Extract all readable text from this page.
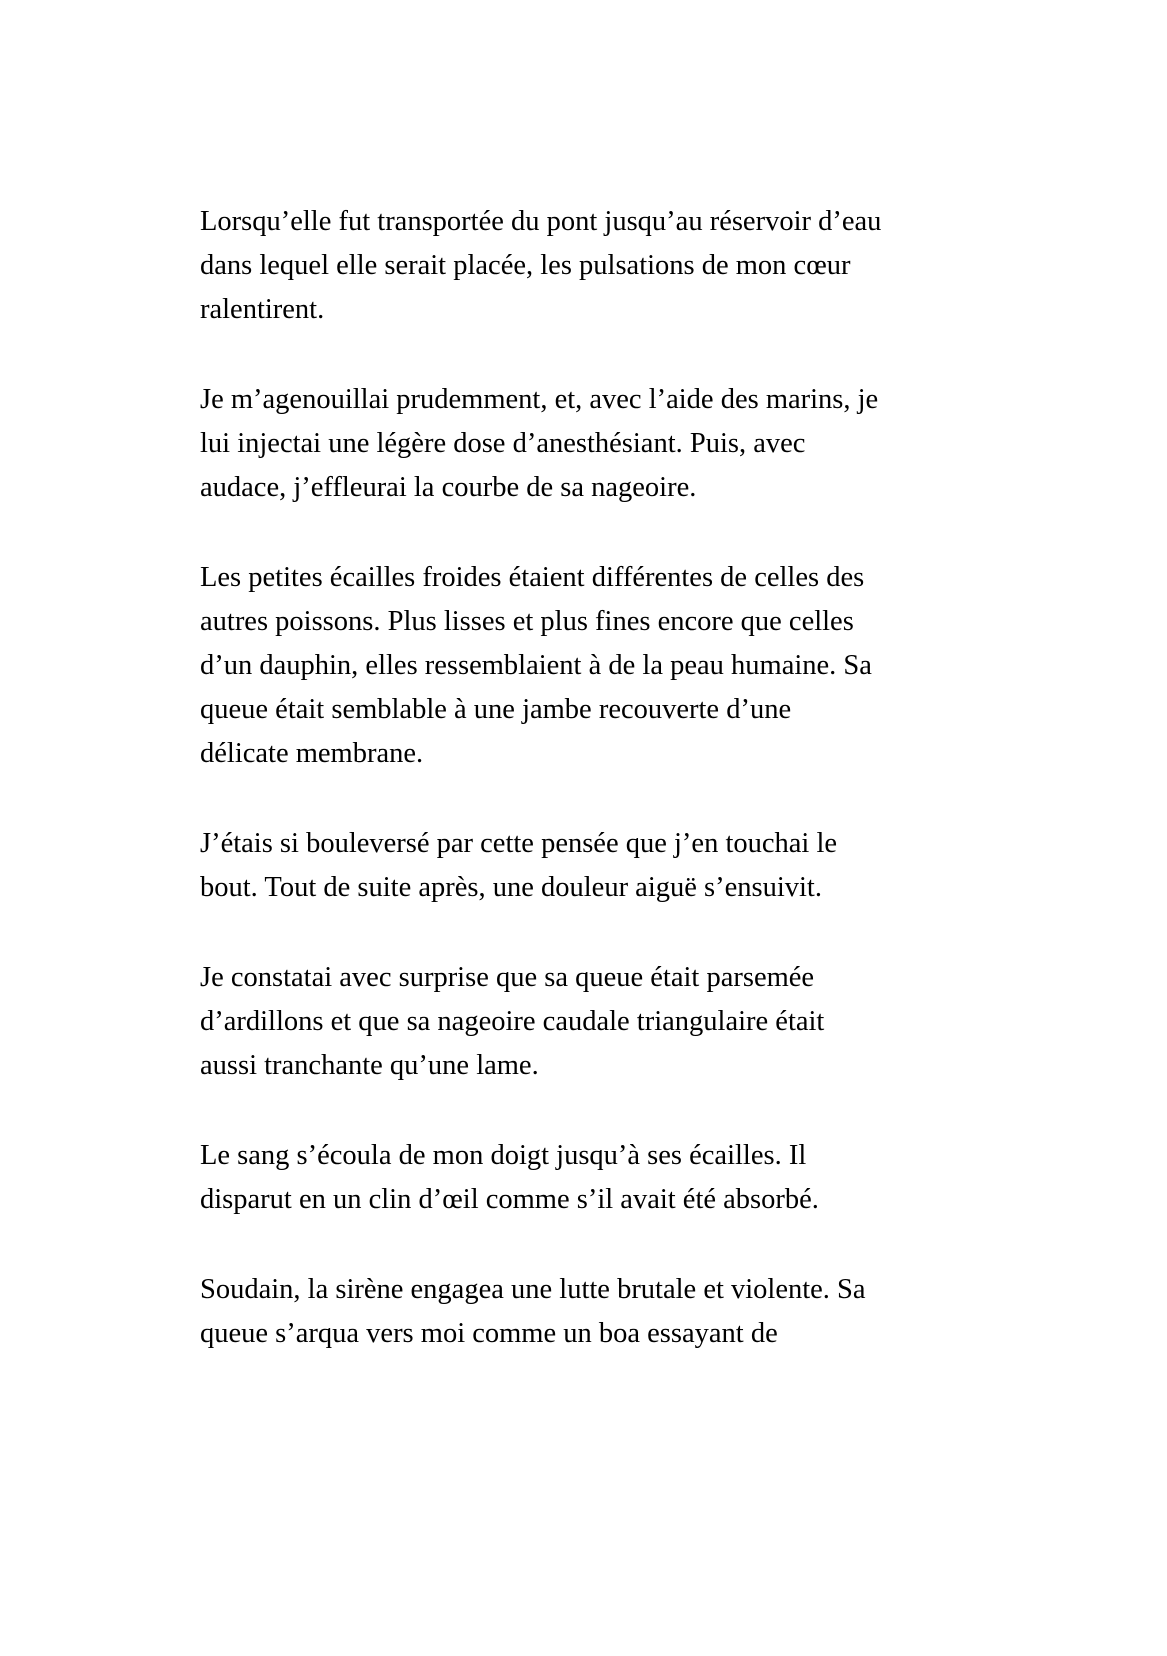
Lorsqu’elle fut transportée du pont jusqu’au réservoir d’eau
dans lequel elle serait placée, les pulsations de mon cœur
ralentirent.

Je m’agenouillai prudemment, et, avec l’aide des marins, je
lui injectai une légère dose d’anesthésiant. Puis, avec
audace, j’effleurai la courbe de sa nageoire.

Les petites écailles froides étaient différentes de celles des
autres poissons. Plus lisses et plus fines encore que celles
d’un dauphin, elles ressemblaient à de la peau humaine. Sa
queue était semblable à une jambe recouverte d’une
délicate membrane.

J’étais si bouleversé par cette pensée que j’en touchai le
bout. Tout de suite après, une douleur aiguë s’ensuivit.

Je constatai avec surprise que sa queue était parsemée
d’ardillons et que sa nageoire caudale triangulaire était
aussi tranchante qu’une lame.

Le sang s’écoula de mon doigt jusqu’à ses écailles. Il
disparut en un clin d’œil comme s’il avait été absorbé.

Soudain, la sirène engagea une lutte brutale et violente. Sa
queue s’arqua vers moi comme un boa essayant de
